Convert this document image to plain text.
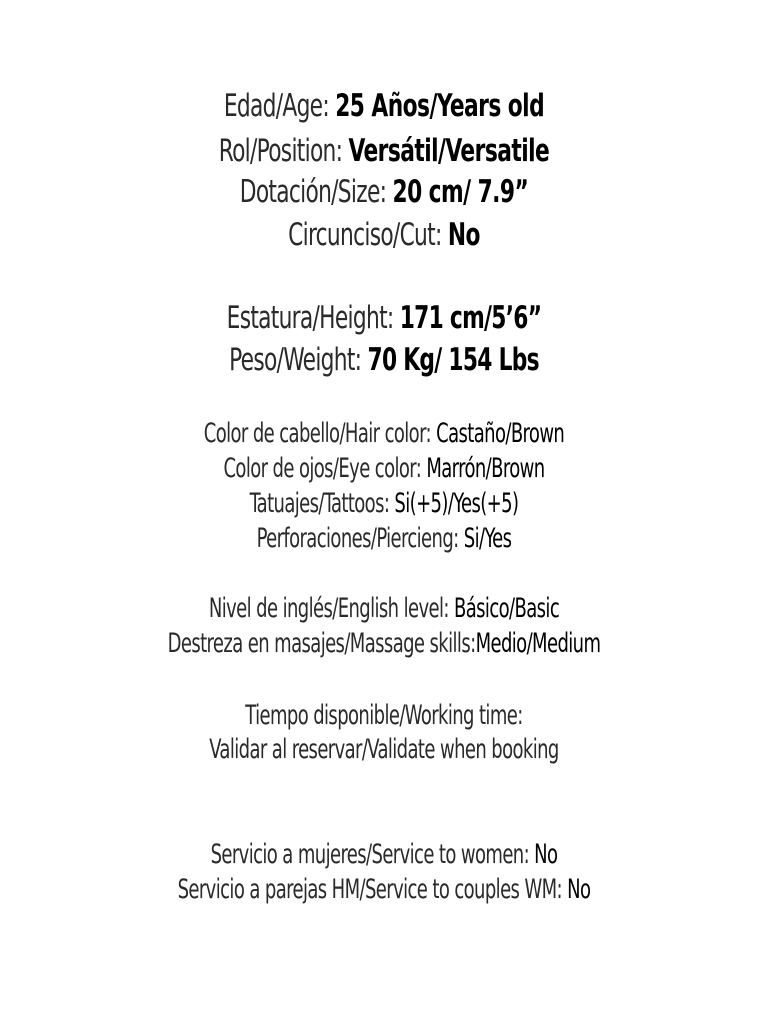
Edad/Age: 25 Años/Years old
Rol/Position: Versátil/Versatile
Dotación/Size: 20 cm/ 7.9”
Circunciso/Cut: No
Estatura/Height: 171 cm/5’6”
Peso/Weight: 70 Kg/ 154 Lbs
Color de cabello/Hair color: Castaño/Brown
Color de ojos/Eye color: Marrón/Brown
Tatuajes/Tattoos: Si(+5)/Yes(+5)
Perforaciones/Piercieng: Si/Yes
Nivel de inglés/English level: Básico/Basic
Destreza en masajes/Massage skills:Medio/Medium
Tiempo disponible/Working time:
Validar al reservar/Validate when booking
Servicio a mujeres/Service to women: No
Servicio a parejas HM/Service to couples WM: No
